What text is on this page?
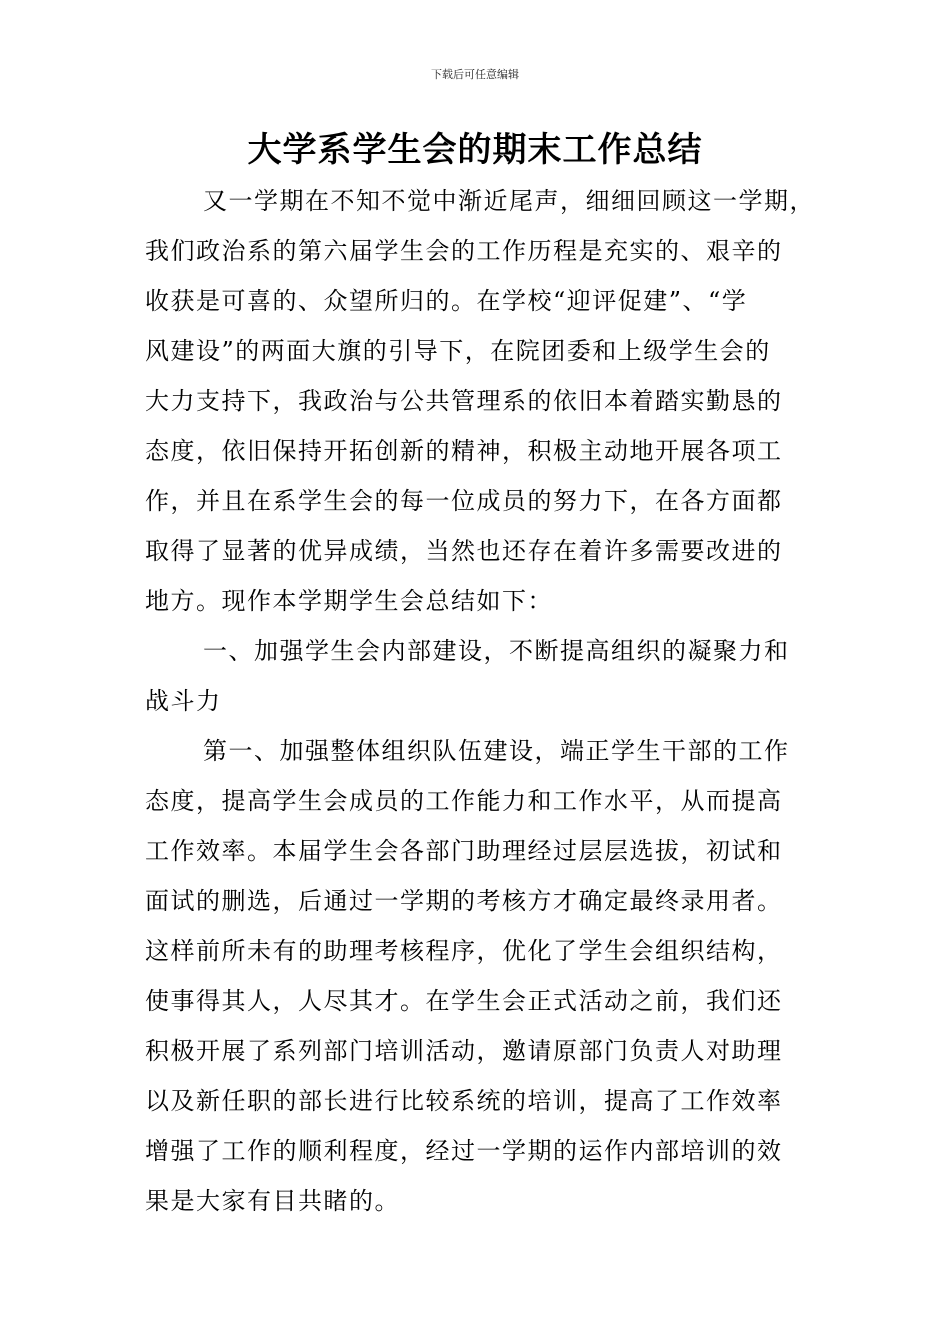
下载后可任意编辑
大学系学生会的期末工作总结
又一学期在不知不觉中渐近尾声，细细回顾这一学期，
我们政治系的第六届学生会的工作历程是充实的、艰辛的
收获是可喜的、众望所归的。在学校“迎评促建”、“学
风建设”的两面大旗的引导下，在院团委和上级学生会的
大力支持下，我政治与公共管理系的依旧本着踏实勤恳的
态度，依旧保持开拓创新的精神，积极主动地开展各项工
作，并且在系学生会的每一位成员的努力下，在各方面都
取得了显著的优异成绩，当然也还存在着许多需要改进的
地方。现作本学期学生会总结如下：
一、加强学生会内部建设，不断提高组织的凝聚力和
战斗力
第一、加强整体组织队伍建设，端正学生干部的工作
态度，提高学生会成员的工作能力和工作水平，从而提高
工作效率。本届学生会各部门助理经过层层选拔，初试和
面试的删选，后通过一学期的考核方才确定最终录用者。
这样前所未有的助理考核程序，优化了学生会组织结构，
使事得其人，人尽其才。在学生会正式活动之前，我们还
积极开展了系列部门培训活动，邀请原部门负责人对助理
以及新任职的部长进行比较系统的培训，提高了工作效率
增强了工作的顺利程度，经过一学期的运作内部培训的效
果是大家有目共睹的。
